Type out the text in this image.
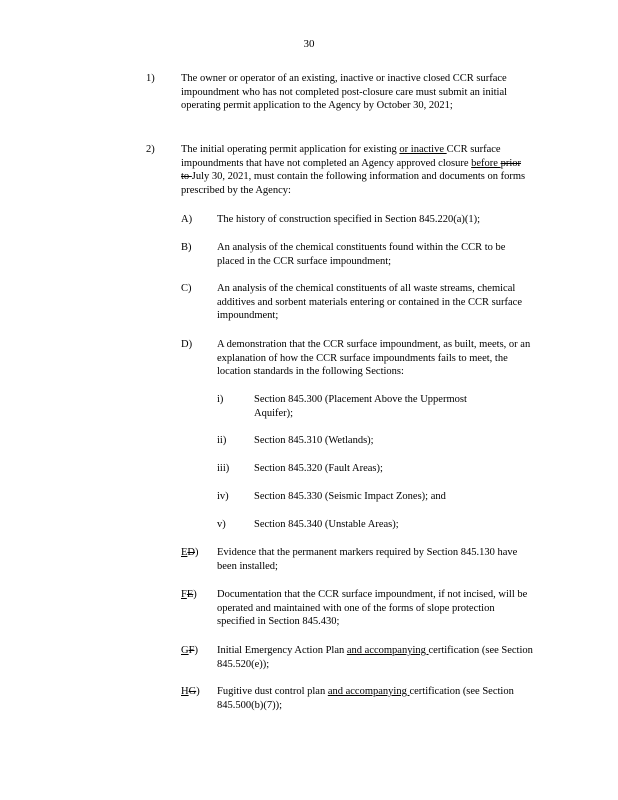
30
1)	The owner or operator of an existing, inactive or inactive closed CCR surface impoundment who has not completed post-closure care must submit an initial operating permit application to the Agency by October 30, 2021;
2)	The initial operating permit application for existing or inactive CCR surface impoundments that have not completed an Agency approved closure before prior to July 30, 2021, must contain the following information and documents on forms prescribed by the Agency:
A) The history of construction specified in Section 845.220(a)(1);
B) An analysis of the chemical constituents found within the CCR to be placed in the CCR surface impoundment;
C) An analysis of the chemical constituents of all waste streams, chemical additives and sorbent materials entering or contained in the CCR surface impoundment;
D) A demonstration that the CCR surface impoundment, as built, meets, or an explanation of how the CCR surface impoundments fails to meet, the location standards in the following Sections:
i)	Section 845.300 (Placement Above the Uppermost Aquifer);
ii)	Section 845.310 (Wetlands);
iii) Section 845.320 (Fault Areas);
iv) Section 845.330 (Seismic Impact Zones); and
v)	Section 845.340 (Unstable Areas);
ED) Evidence that the permanent markers required by Section 845.130 have been installed;
FE) Documentation that the CCR surface impoundment, if not incised, will be operated and maintained with one of the forms of slope protection specified in Section 845.430;
GF) Initial Emergency Action Plan and accompanying certification (see Section 845.520(e));
HG) Fugitive dust control plan and accompanying certification (see Section 845.500(b)(7));
